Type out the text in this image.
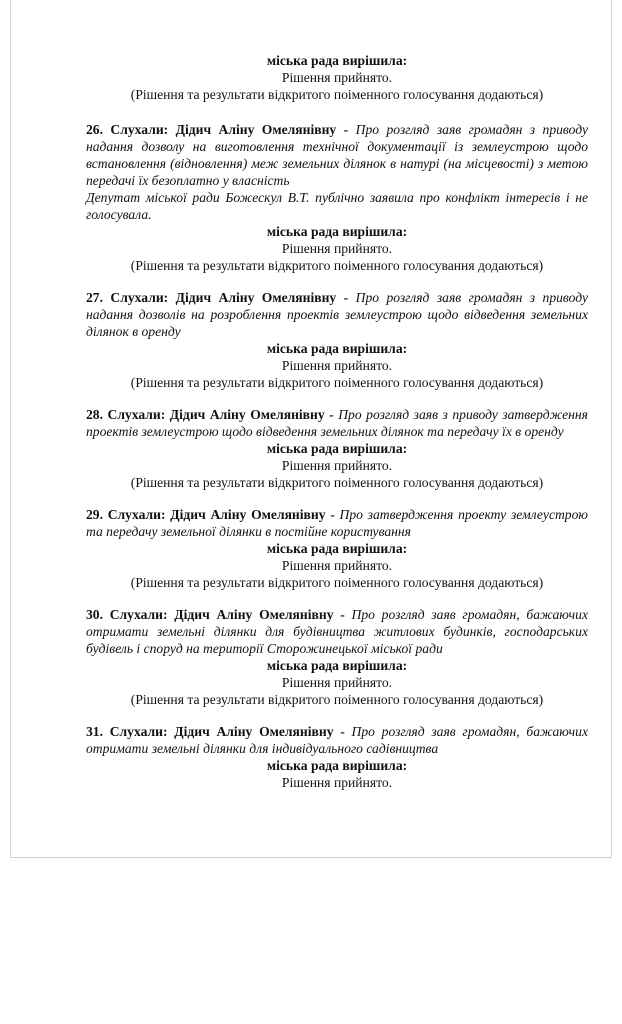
міська рада вирішила:

Рішення прийнято.

(Рішення та результати відкритого поіменного голосування додаються)

26. Слухали: Дідич Аліну Омелянівну - Про розгляд заяв громадян з приводу надання дозволу на виготовлення технічної документації із землеустрою щодо встановлення (відновлення) меж земельних ділянок в натурі (на місцевості) з метою передачі їх безоплатно у власність

Депутат міської ради Божескул В.Т. публічно заявила про конфлікт інтересів і не голосувала.

міська рада вирішила:

Рішення прийнято.

(Рішення та результати відкритого поіменного голосування додаються)

27. Слухали: Дідич Аліну Омелянівну - Про розгляд заяв громадян з приводу надання дозволів на розроблення проектів землеустрою щодо відведення земельних ділянок в оренду

міська рада вирішила:

Рішення прийнято.

(Рішення та результати відкритого поіменного голосування додаються)

28. Слухали: Дідич Аліну Омелянівну - Про розгляд заяв з приводу затвердження проектів землеустрою щодо відведення земельних ділянок та передачу їх в оренду

міська рада вирішила:

Рішення прийнято.

(Рішення та результати відкритого поіменного голосування додаються)

29. Слухали: Дідич Аліну Омелянівну - Про затвердження проекту землеустрою та передачу земельної ділянки в постійне користування

міська рада вирішила:

Рішення прийнято.

(Рішення та результати відкритого поіменного голосування додаються)

30. Слухали: Дідич Аліну Омелянівну - Про розгляд заяв громадян, бажаючих отримати земельні ділянки для будівництва житлових будинків, господарських будівель і споруд на території Сторожинецької міської ради

міська рада вирішила:

Рішення прийнято.

(Рішення та результати відкритого поіменного голосування додаються)

31. Слухали: Дідич Аліну Омелянівну - Про розгляд заяв громадян, бажаючих отримати земельні ділянки для індивідуального садівництва

міська рада вирішила:

Рішення прийнято.
